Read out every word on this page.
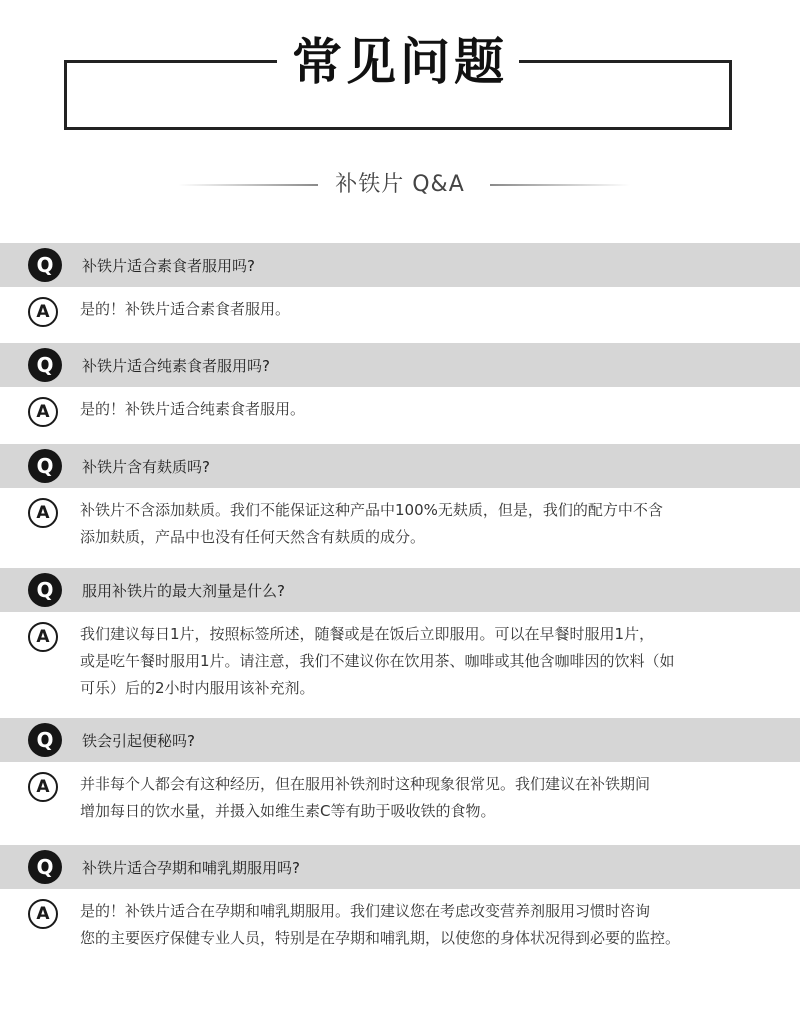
常见问题
补铁片 Q&A
Q	补铁片适合素食者服用吗?
A	是的！补铁片适合素食者服用。
Q	补铁片适合纯素食者服用吗?
A	是的！补铁片适合纯素食者服用。
Q	补铁片含有麸质吗?
A	补铁片不含添加麸质。我们不能保证这种产品中100%无麸质，但是，我们的配方中不含
添加麸质，产品中也没有任何天然含有麸质的成分。
Q	服用补铁片的最大剂量是什么?
A	我们建议每日1片，按照标签所述，随餐或是在饭后立即服用。可以在早餐时服用1片，
或是吃午餐时服用1片。请注意，我们不建议你在饮用茶、咖啡或其他含咖啡因的饮料（如
可乐）后的2小时内服用该补充剂。
Q	铁会引起便秘吗?
A	并非每个人都会有这种经历，但在服用补铁剂时这种现象很常见。我们建议在补铁期间
增加每日的饮水量，并摄入如维生素C等有助于吸收铁的食物。
Q	补铁片适合孕期和哺乳期服用吗?
A	是的！补铁片适合在孕期和哺乳期服用。我们建议您在考虑改变营养剂服用习惯时咨询
您的主要医疗保健专业人员，特别是在孕期和哺乳期，以使您的身体状况得到必要的监控。
